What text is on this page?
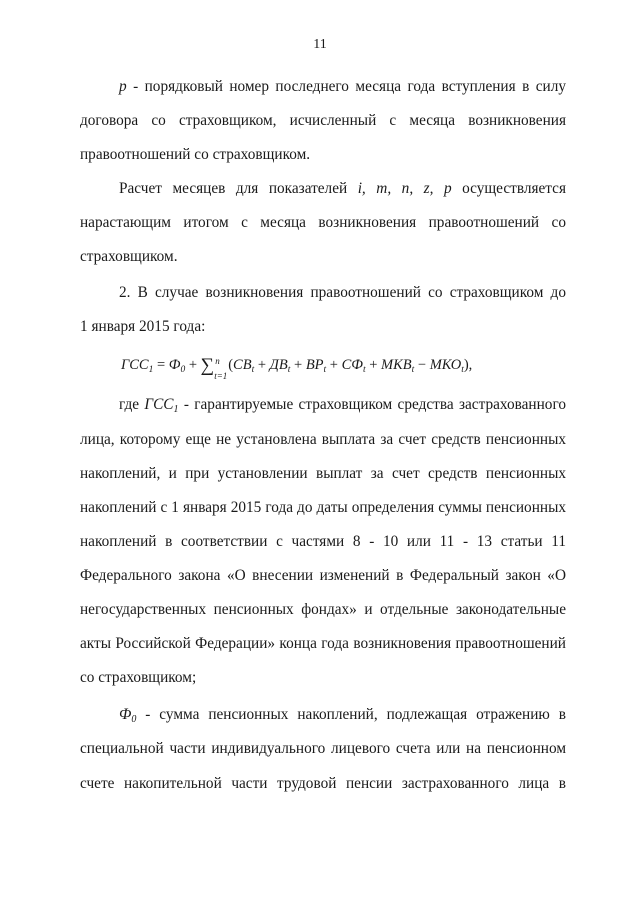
11
p - порядковый номер последнего месяца года вступления в силу
договора со страховщиком, исчисленный с месяца возникновения
правоотношений со страховщиком.
Расчет месяцев для показателей i, m, n, z, p осуществляется
нарастающим итогом с месяца возникновения правоотношений со
страховщиком.
2. В случае возникновения правоотношений со страховщиком до
1 января 2015 года:
$ГСС_1 = Ф_0$ + ∑ n
t=1
$(СВ_t + ДВ_t + ВР_t + СФ_t + МКВ_t - МКО_t)$,
где ГСС1 - гарантируемые страховщиком средства застрахованного
лица, которому еще не установлена выплата за счет средств пенсионных
накоплений, и при установлении выплат за счет средств пенсионных
накоплений с 1 января 2015 года до даты определения суммы пенсионных
накоплений в соответствии с частями 8 - 10 или 11 - 13 статьи 11
Федерального закона «О внесении изменений в Федеральный закон «О
негосударственных пенсионных фондах» и отдельные законодательные
акты Российской Федерации» конца года возникновения правоотношений
со страховщиком;
Ф0 - сумма пенсионных накоплений, подлежащая отражению в
специальной части индивидуального лицевого счета или на пенсионном
счете накопительной части трудовой пенсии застрахованного лица в
